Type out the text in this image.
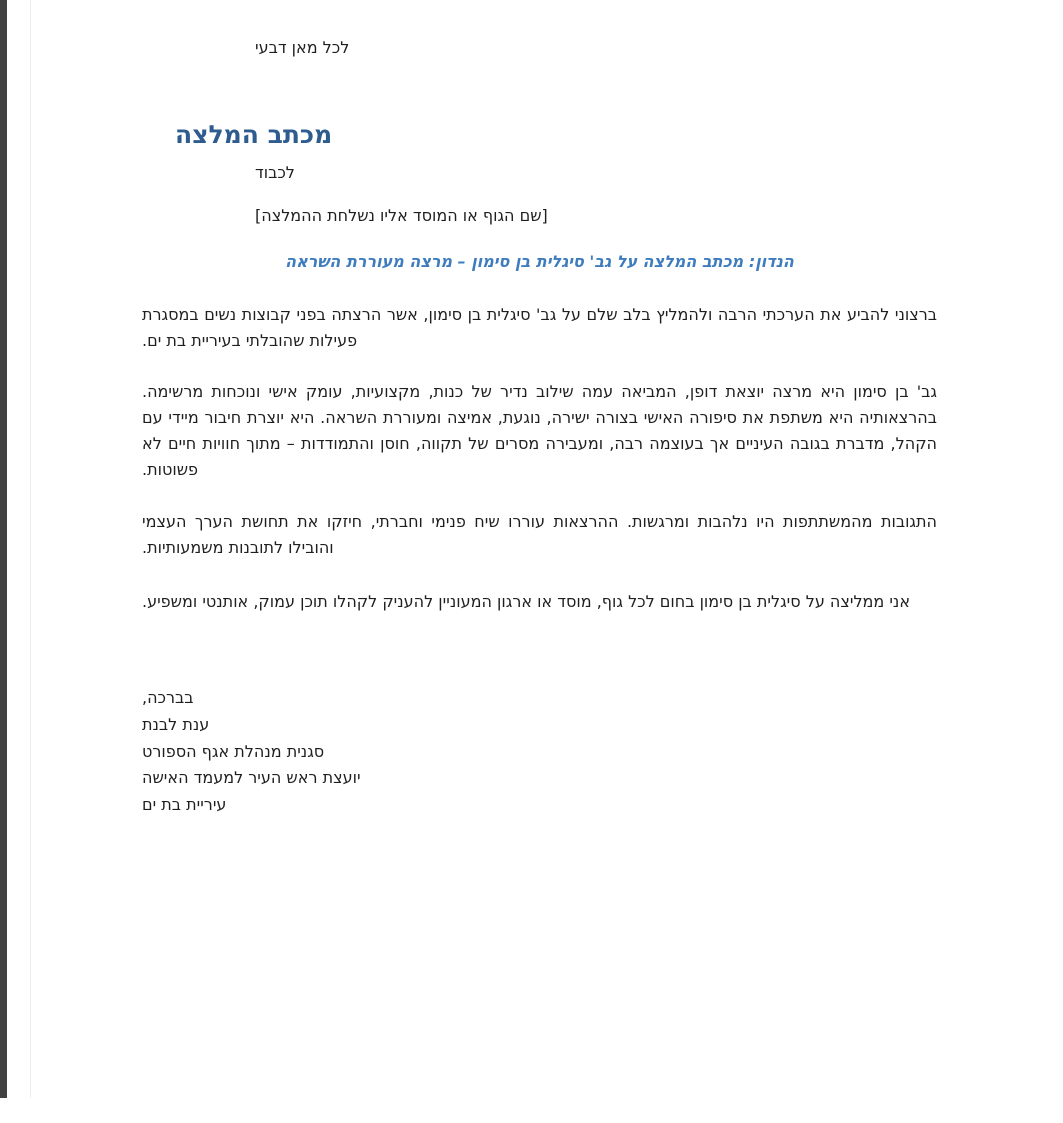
לכל מאן דבעי
מכתב המלצה
לכבוד
[שם הגוף או המוסד אליו נשלחת ההמלצה]
הנדון: מכתב המלצה על גב' סיגלית בן סימון – מרצה מעוררת השראה

ברצוני להביע את הערכתי הרבה ולהמליץ בלב שלם על גב' סיגלית בן סימון, אשר הרצתה בפני קבוצות נשים במסגרת פעילות שהובלתי בעיריית בת ים.

גב' בן סימון היא מרצה יוצאת דופן, המביאה עמה שילוב נדיר של כנות, מקצועיות, עומק אישי ונוכחות מרשימה. בהרצאותיה היא משתפת את סיפורה האישי בצורה ישירה, נוגעת, אמיצה ומעוררת השראה. היא יוצרת חיבור מיידי עם הקהל, מדברת בגובה העיניים אך בעוצמה רבה, ומעבירה מסרים של תקווה, חוסן והתמודדות – מתוך חוויות חיים לא פשוטות.

התגובות מהמשתתפות היו נלהבות ומרגשות. ההרצאות עוררו שיח פנימי וחברתי, חיזקו את תחושת הערך העצמי והובילו לתובנות משמעותיות.

אני ממליצה על סיגלית בן סימון בחום לכל גוף, מוסד או ארגון המעוניין להעניק לקהלו תוכן עמוק, אותנטי ומשפיע.

בברכה,
ענת לבנת
סגנית מנהלת אגף הספורט
יועצת ראש העיר למעמד האישה
עיריית בת ים
